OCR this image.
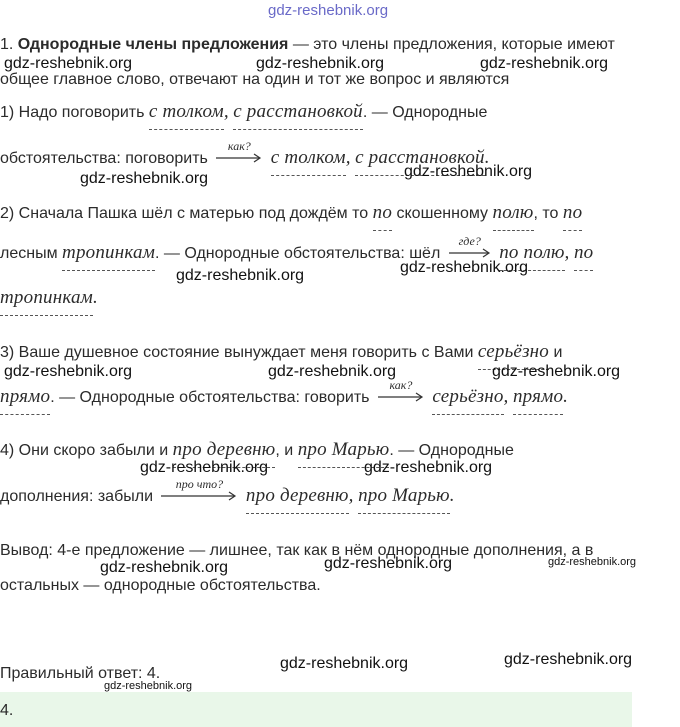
gdz-reshebnik.org
1. Однородные члены предложения — это члены предложения, которые имеют
gdz-reshebnik.org	gdz-reshebnik.org	gdz-reshebnik.org
общее главное слово, отвечают на один и тот же вопрос и являются
1) Надо поговорить с толком, с расстановкой. — Однородные
обстоятельства: поговорить
как?
с толком, с расстановкой.
gdz-reshebnik.org	gdz-reshebnik.org
2) Сначала Пашка шёл с матерью под дождём то по скошенному полю, то по
лесным тропинкам. — Однородные обстоятельства: шёл
где?
по полю, по
gdz-reshebnik.org	gdz-reshebnik.org
тропинкам.
3) Ваше душевное состояние вынуждает меня говорить с Вами серьёзно и
gdz-reshebnik.org	gdz-reshebnik.org	gdz-reshebnik.org
прямо. — Однородные обстоятельства: говорить
как?
серьёзно, прямо.
4) Они скоро забыли и про деревню, и про Марью. — Однородные
gdz-reshebnik.org	gdz-reshebnik.org
дополнения: забыли
про что?
про деревню, про Марью.
Вывод: 4-е предложение — лишнее, так как в нём однородные дополнения, а в
gdz-reshebnik.org	gdz-reshebnik.org	gdz-reshebnik.org
остальных — однородные обстоятельства.
Правильный ответ: 4.
gdz-reshebnik.org	gdz-reshebnik.org
gdz-reshebnik.org
4.
